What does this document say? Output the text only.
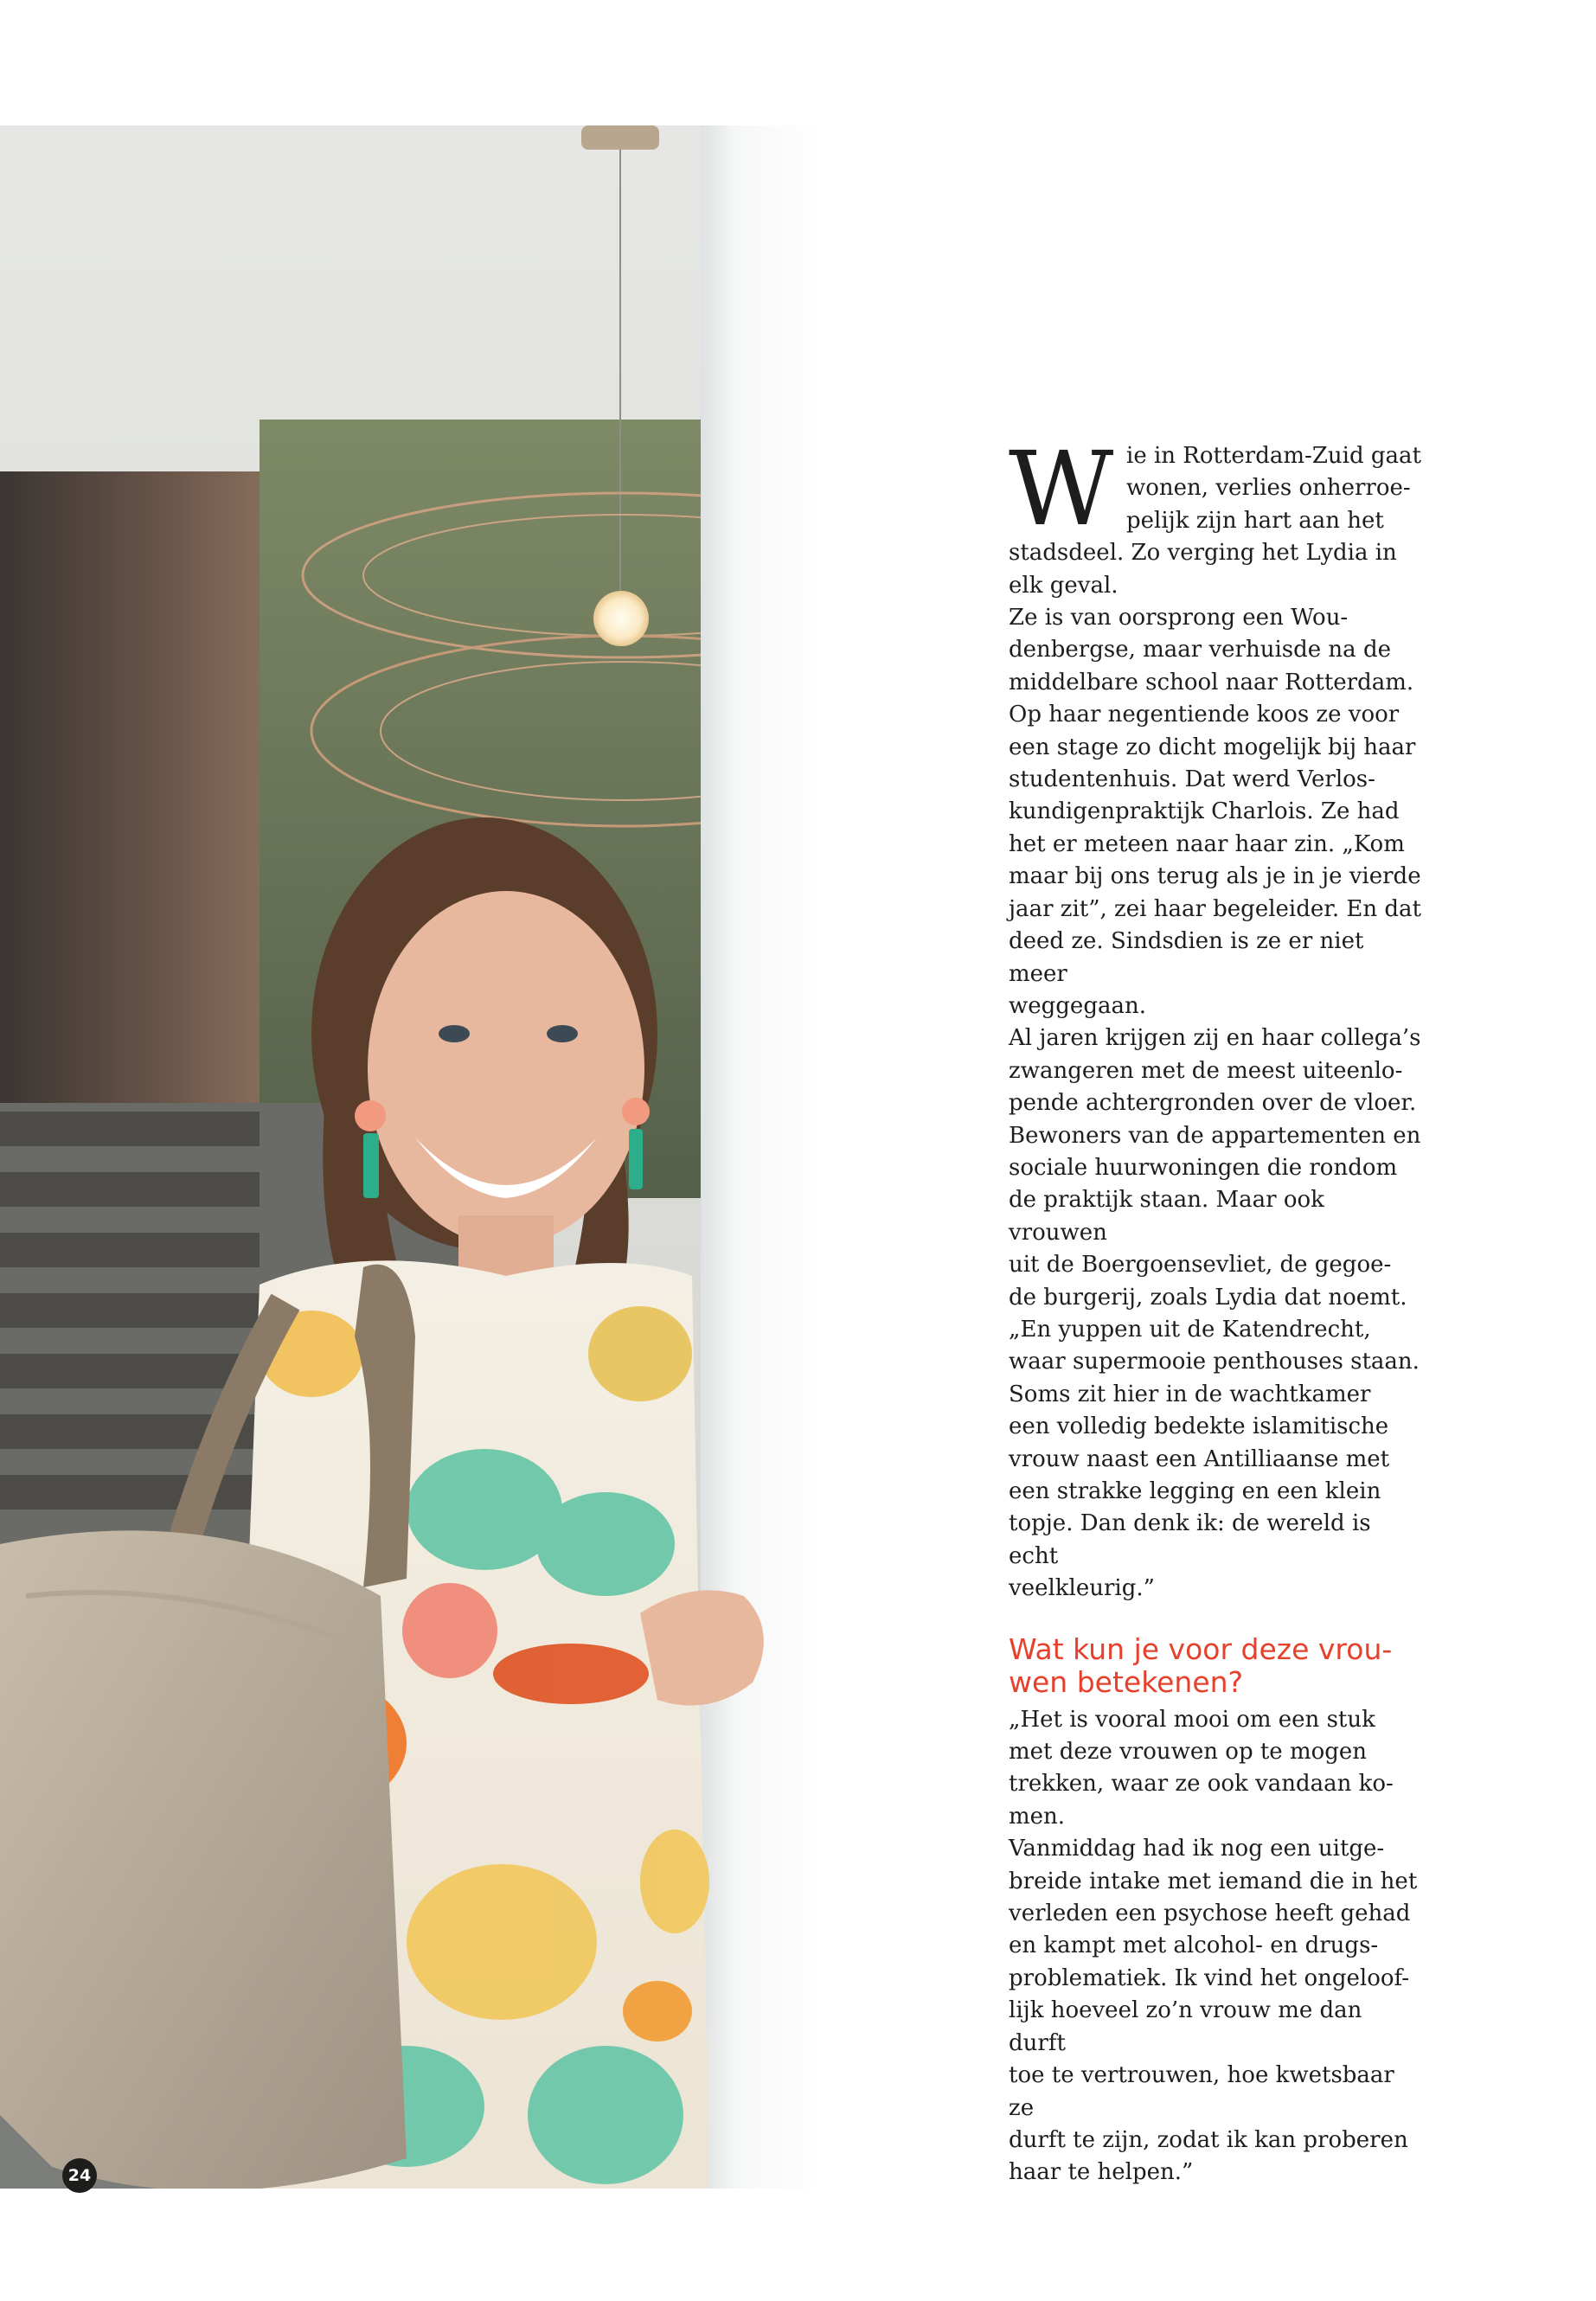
24
W ie in Rotterdam-Zuid gaat
wonen, verlies onherroe-
pelijk zijn hart aan het

stadsdeel. Zo verging het Lydia in
elk geval.

Ze is van oorsprong een Wou-
denbergse, maar verhuisde na de
middelbare school naar Rotterdam.
Op haar negentiende koos ze voor
een stage zo dicht mogelijk bij haar
studentenhuis. Dat werd Verlos-
kundigenpraktijk Charlois. Ze had
het er meteen naar haar zin. „Kom
maar bij ons terug als je in je vierde
jaar zit”, zei haar begeleider. En dat
deed ze. Sindsdien is ze er niet meer
weggegaan.

Al jaren krijgen zij en haar collega’s
zwangeren met de meest uiteenlo-
pende achtergronden over de vloer.
Bewoners van de appartementen en
sociale huurwoningen die rondom
de praktijk staan. Maar ook vrouwen
uit de Boergoensevliet, de gegoe-
de burgerij, zoals Lydia dat noemt.
„En yuppen uit de Katendrecht,
waar supermooie penthouses staan.
Soms zit hier in de wachtkamer
een volledig bedekte islamitische
vrouw naast een Antilliaanse met
een strakke legging en een klein
topje. Dan denk ik: de wereld is echt
veelkleurig.”

Wat kun je voor deze vrou-
wen betekenen?

„Het is vooral mooi om een stuk
met deze vrouwen op te mogen
trekken, waar ze ook vandaan ko-
men.

Vanmiddag had ik nog een uitge-
breide intake met iemand die in het
verleden een psychose heeft gehad
en kampt met alcohol- en drugs-
problematiek. Ik vind het ongeloof-
lijk hoeveel zo’n vrouw me dan durft
toe te vertrouwen, hoe kwetsbaar ze
durft te zijn, zodat ik kan proberen
haar te helpen.”
